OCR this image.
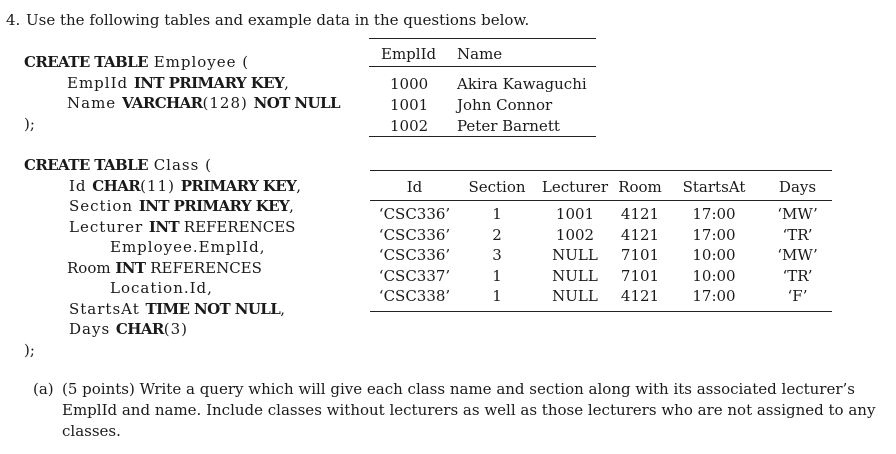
4. Use the following tables and example data in the questions below.
CREATE TABLE Employee (
EmplId INT PRIMARY KEY,
Name VARCHAR(128) NOT NULL
);
CREATE TABLE Class (
Id CHAR(11) PRIMARY KEY,
Section INT PRIMARY KEY,
Lecturer INT REFERENCES
Employee.EmplId,
Room INT REFERENCES
Location.Id,
StartsAt TIME NOT NULL,
Days CHAR(3)
);
EmplId	Name

1000	Akira Kawaguchi
1001	John Connor
1002	Peter Barnett
Id	Section	Lecturer	Room	StartsAt	Days

‘CSC336’	1	1001	4121	17:00	‘MW’
‘CSC336’	2	1002	4121	17:00	‘TR’
‘CSC336’	3	NULL	7101	10:00	‘MW’
‘CSC337’	1	NULL	7101	10:00	‘TR’
‘CSC338’	1	NULL	4121	17:00	‘F’
(a) (5 points) Write a query which will give each class name and section along with its associated lecturer’s
EmplId and name. Include classes without lecturers as well as those lecturers who are not assigned to any
classes.
